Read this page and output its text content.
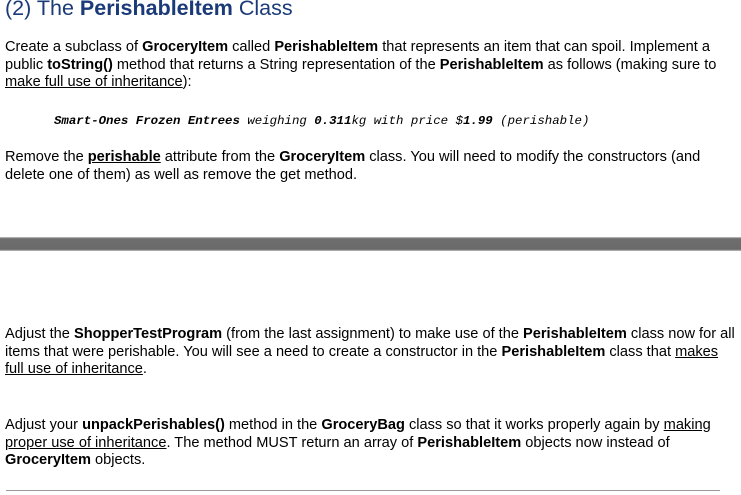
(2) The PerishableItem Class

Create a subclass of GroceryItem called PerishableItem that represents an item that can spoil. Implement a public toString() method that returns a String representation of the PerishableItem as follows (making sure to make full use of inheritance):

Smart-Ones Frozen Entrees weighing 0.311kg with price $1.99 (perishable)

Remove the perishable attribute from the GroceryItem class. You will need to modify the constructors (and delete one of them) as well as remove the get method.

Adjust the ShopperTestProgram (from the last assignment) to make use of the PerishableItem class now for all items that were perishable. You will see a need to create a constructor in the PerishableItem class that makes full use of inheritance.

Adjust your unpackPerishables() method in the GroceryBag class so that it works properly again by making proper use of inheritance. The method MUST return an array of PerishableItem objects now instead of GroceryItem objects.
